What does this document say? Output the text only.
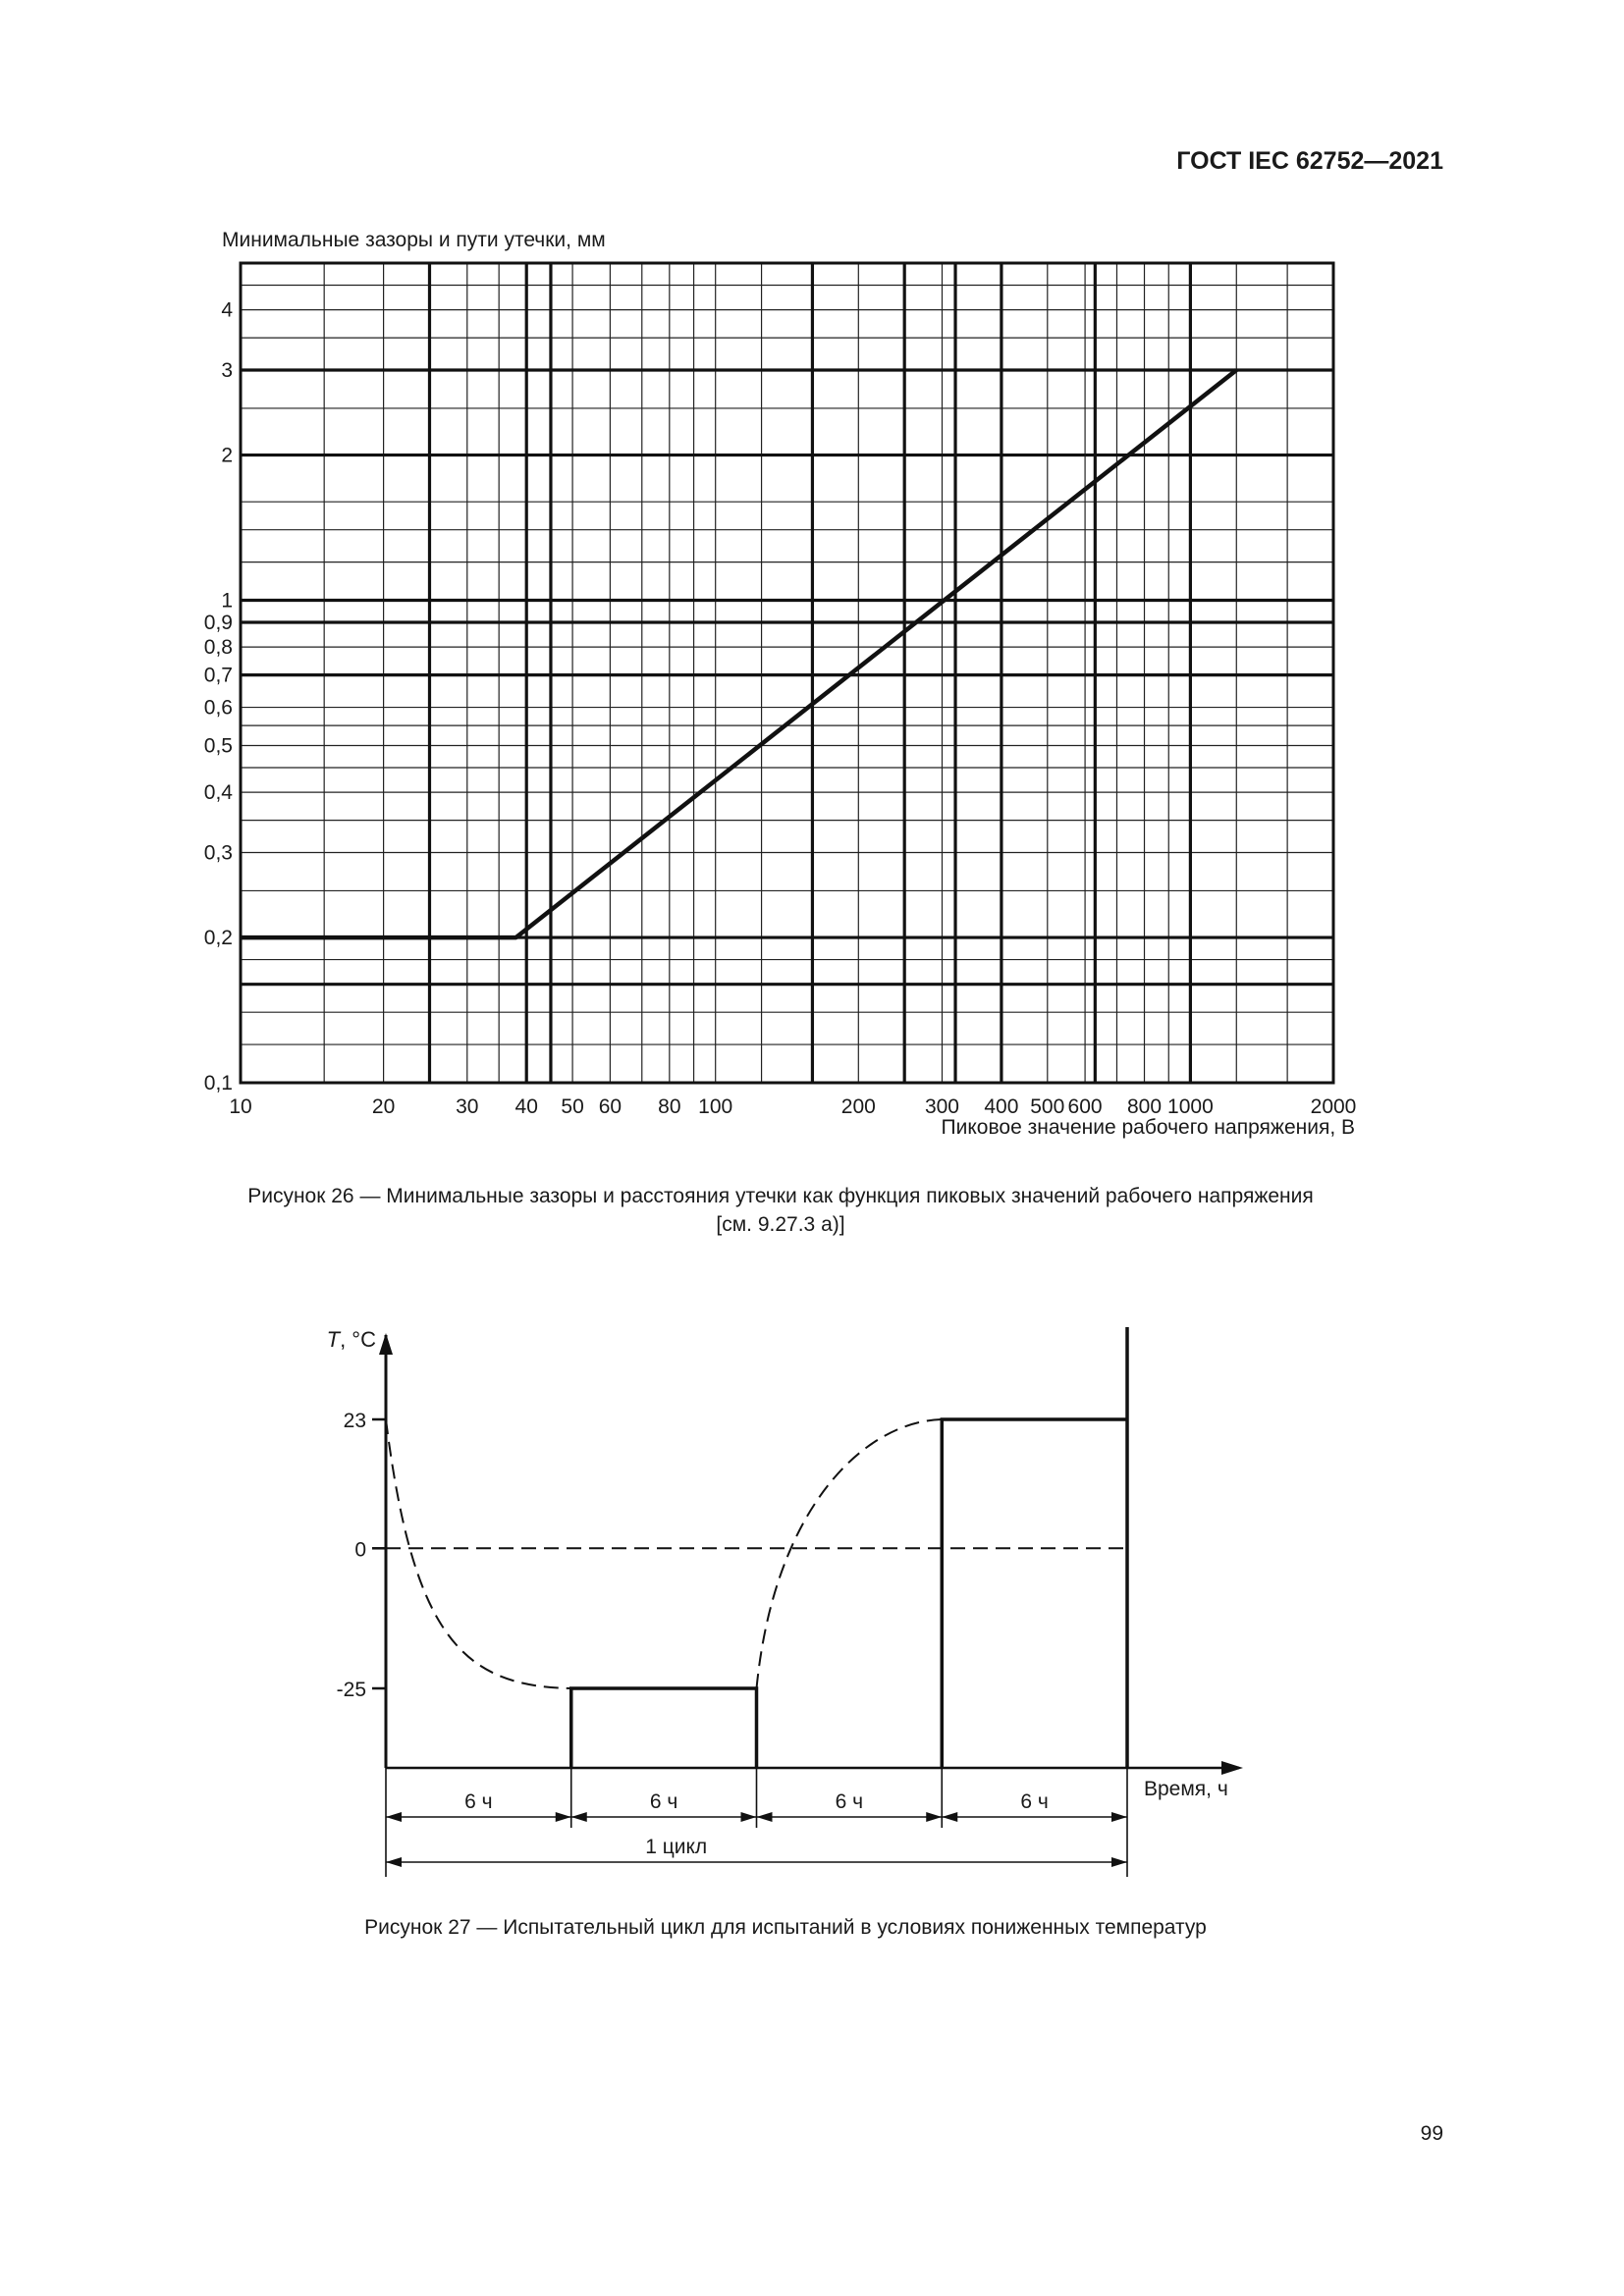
ГОСТ IEC 62752—2021
Минимальные зазоры и пути утечки, мм
10	20	30 40 50 60 80 100	200 300 400 500 600 800 1000	2000
0,1
0,2
0,3
0,4
0,5
0,6
0,7
0,8
0,9
1
2
3
4
Пиковое значение рабочего напряжения, В
Рисунок 26 — Минимальные зазоры и расстояния утечки как функция пиковых значений рабочего напряжения
[см. 9.27.3 а)]
T, °C
Время, ч
23
0
-25
6 ч	6 ч	6 ч	6 ч
1 цикл
Рисунок 27 — Испытательный цикл для испытаний в условиях пониженных температур
99
